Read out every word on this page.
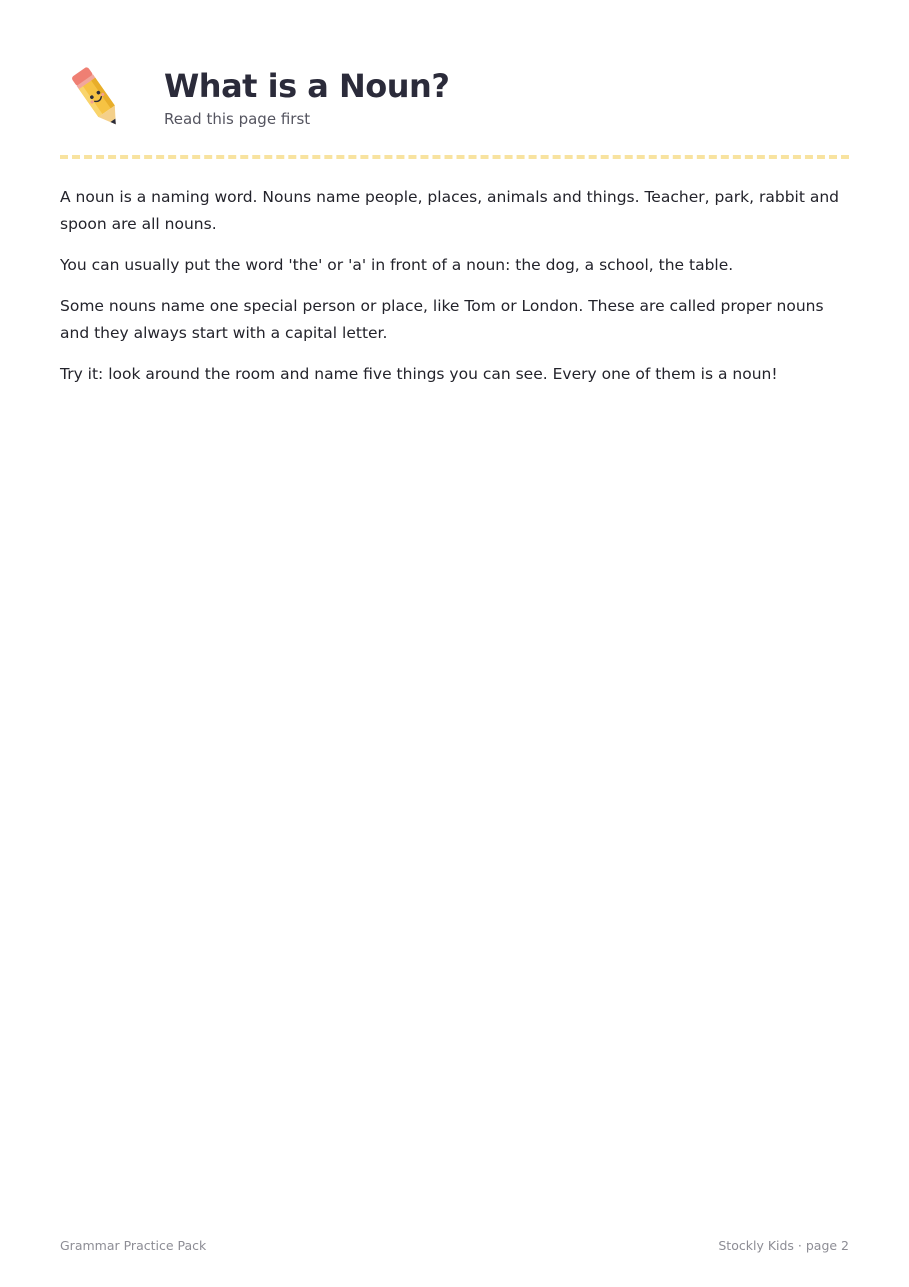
What is a Noun?

Read this page first

A noun is a naming word. Nouns name people, places, animals and things. Teacher, park, rabbit and spoon are all nouns.

You can usually put the word 'the' or 'a' in front of a noun: the dog, a school, the table.

Some nouns name one special person or place, like Tom or London. These are called proper nouns and they always start with a capital letter.

Try it: look around the room and name five things you can see. Every one of them is a noun!

Grammar Practice Pack	Stockly Kids · page 2
